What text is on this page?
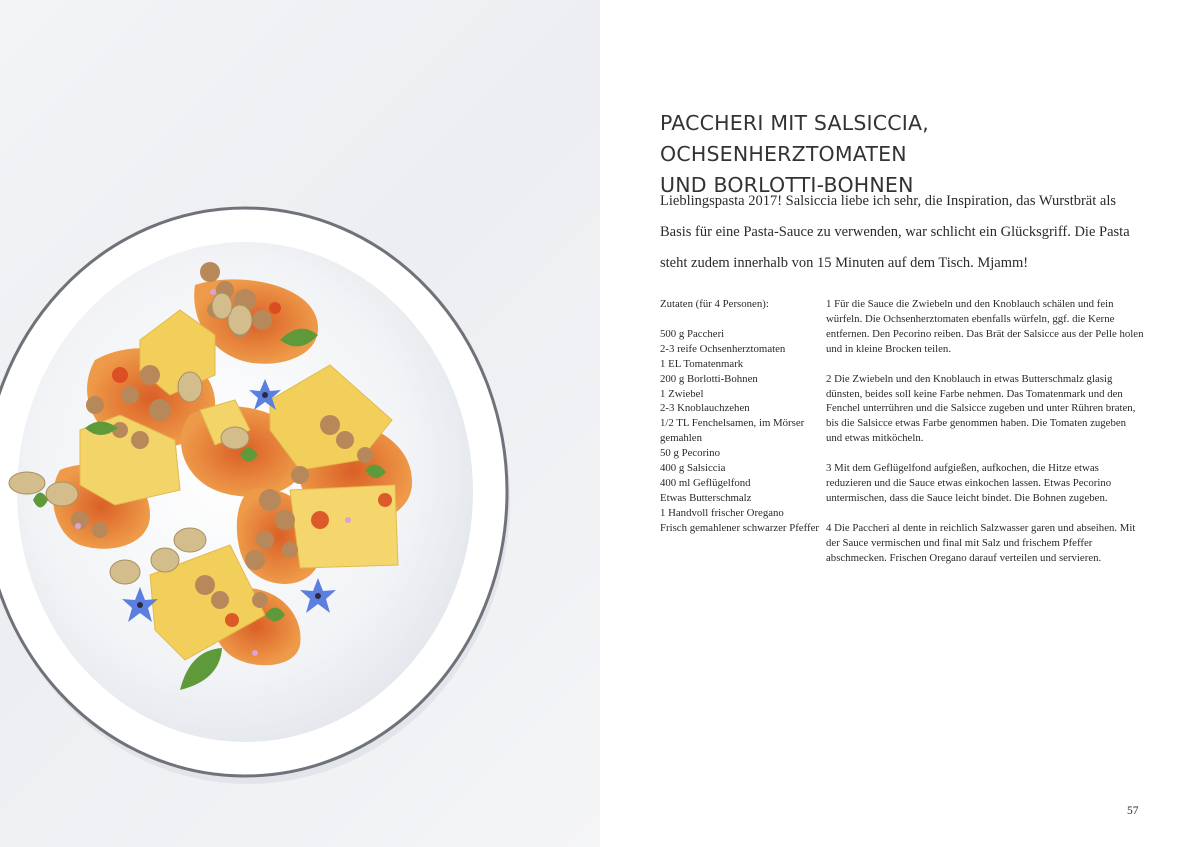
PACCHERI MIT SALSICCIA, OCHSENHERZTOMATEN
UND BORLOTTI-BOHNEN

Lieblingspasta 2017! Salsiccia liebe ich sehr, die Inspiration, das Wurstbrät als Basis für eine Pasta-Sauce zu verwenden, war schlicht ein Glücksgriff. Die Pasta steht zudem innerhalb von 15 Minuten auf dem Tisch. Mjamm!

Zutaten (für 4 Personen):
500 g Paccheri
2-3 reife Ochsenherztomaten
1 EL Tomatenmark
200 g Borlotti-Bohnen
1 Zwiebel
2-3 Knoblauchzehen
1/2 TL Fenchelsamen, im Mörser gemahlen
50 g Pecorino
400 g Salsiccia
400 ml Geflügelfond
Etwas Butterschmalz
1 Handvoll frischer Oregano
Frisch gemahlener schwarzer Pfeffer

1 Für die Sauce die Zwiebeln und den Knoblauch schälen und fein würfeln. Die Ochsenherztomaten ebenfalls würfeln, ggf. die Kerne entfernen. Den Pecorino reiben. Das Brät der Salsicce aus der Pelle holen und in kleine Brocken teilen.

2 Die Zwiebeln und den Knoblauch in etwas Butterschmalz glasig dünsten, beides soll keine Farbe nehmen. Das Tomatenmark und den Fenchel unterrühren und die Salsicce zugeben und unter Rühren braten, bis die Salsicce etwas Farbe genommen haben. Die Tomaten zugeben und etwas mitköcheln.

3 Mit dem Geflügelfond aufgießen, aufkochen, die Hitze etwas reduzieren und die Sauce etwas einkochen lassen. Etwas Pecorino untermischen, dass die Sauce leicht bindet. Die Bohnen zugeben.

4 Die Paccheri al dente in reichlich Salzwasser garen und abseihen. Mit der Sauce vermischen und final mit Salz und frischem Pfeffer abschmecken. Frischen Oregano darauf verteilen und servieren.

57
